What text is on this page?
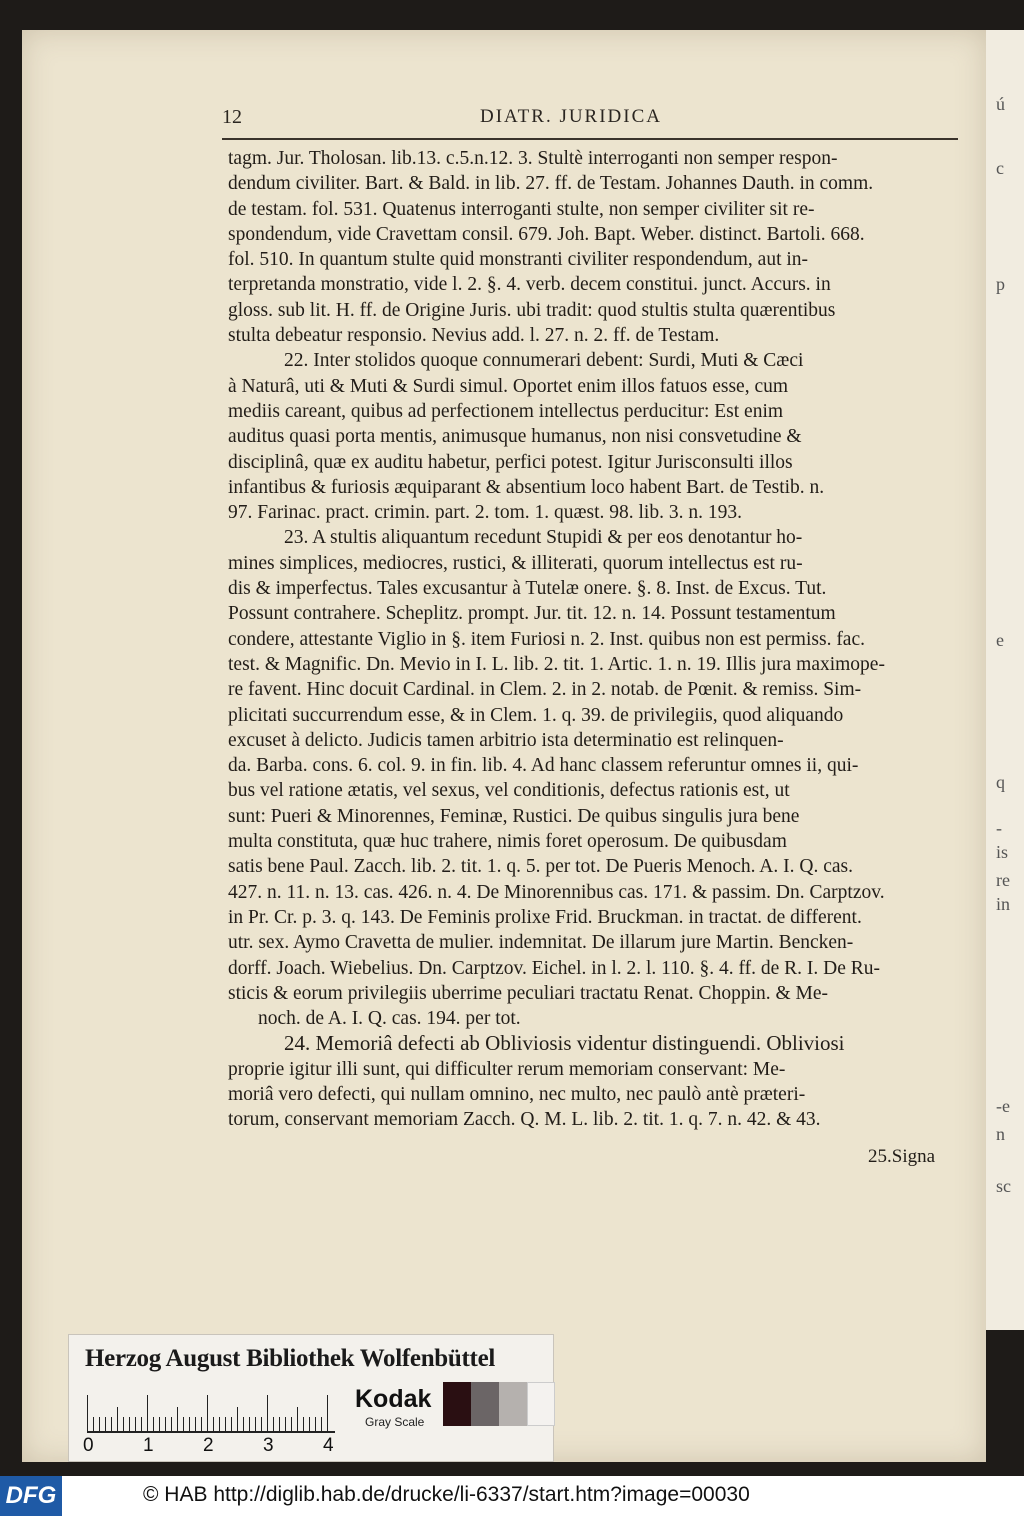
ú
c
p
e
q
-
is
re
in
-e
n
sc
12	DIATR. JURIDICA

tagm. Jur. Tholosan. lib.13. c.5.n.12. 3. Stultè interroganti non semper respon-

dendum civiliter. Bart. & Bald. in lib. 27. ff. de Testam. Johannes Dauth. in comm.

de testam. fol. 531. Quatenus interroganti stulte, non semper civiliter sit re-

spondendum, vide Cravettam consil. 679. Joh. Bapt. Weber. distinct. Bartoli. 668.

fol. 510. In quantum stulte quid monstranti civiliter respondendum, aut in-

terpretanda monstratio, vide l. 2. §. 4. verb. decem constitui. junct. Accurs. in

gloss. sub lit. H. ff. de Origine Juris. ubi tradit: quod stultis stulta quærentibus

stulta debeatur responsio. Nevius add. l. 27. n. 2. ff. de Testam.

22. Inter stolidos quoque connumerari debent: Surdi, Muti & Cæci

à Naturâ, uti & Muti & Surdi simul. Oportet enim illos fatuos esse, cum

mediis careant, quibus ad perfectionem intellectus perducitur: Est enim

auditus quasi porta mentis, animusque humanus, non nisi consvetudine &

disciplinâ, quæ ex auditu habetur, perfici potest. Igitur Jurisconsulti illos

infantibus & furiosis æquiparant & absentium loco habent Bart. de Testib. n.

97. Farinac. pract. crimin. part. 2. tom. 1. quæst. 98. lib. 3. n. 193.

23. A stultis aliquantum recedunt Stupidi & per eos denotantur ho-

mines simplices, mediocres, rustici, & illiterati, quorum intellectus est ru-

dis & imperfectus. Tales excusantur à Tutelæ onere. §. 8. Inst. de Excus. Tut.

Possunt contrahere. Scheplitz. prompt. Jur. tit. 12. n. 14. Possunt testamentum

condere, attestante Viglio in §. item Furiosi n. 2. Inst. quibus non est permiss. fac.

test. & Magnific. Dn. Mevio in I. L. lib. 2. tit. 1. Artic. 1. n. 19. Illis jura maximope-

re favent. Hinc docuit Cardinal. in Clem. 2. in 2. notab. de Pœnit. & remiss. Sim-

plicitati succurrendum esse, & in Clem. 1. q. 39. de privilegiis, quod aliquando

excuset à delicto. Judicis tamen arbitrio ista determinatio est relinquen-

da. Barba. cons. 6. col. 9. in fin. lib. 4. Ad hanc classem referuntur omnes ii, qui-

bus vel ratione ætatis, vel sexus, vel conditionis, defectus rationis est, ut

sunt: Pueri & Minorennes, Feminæ, Rustici. De quibus singulis jura bene

multa constituta, quæ huc trahere, nimis foret operosum. De quibusdam

satis bene Paul. Zacch. lib. 2. tit. 1. q. 5. per tot. De Pueris Menoch. A. I. Q. cas.

427. n. 11. n. 13. cas. 426. n. 4. De Minorennibus cas. 171. & passim. Dn. Carptzov.

in Pr. Cr. p. 3. q. 143. De Feminis prolixe Frid. Bruckman. in tractat. de different.

utr. sex. Aymo Cravetta de mulier. indemnitat. De illarum jure Martin. Bencken-

dorff. Joach. Wiebelius. Dn. Carptzov. Eichel. in l. 2. l. 110. §. 4. ff. de R. I. De Ru-

sticis & eorum privilegiis uberrime peculiari tractatu Renat. Choppin. & Me-

noch. de A. I. Q. cas. 194. per tot.

24. Memoriâ defecti ab Obliviosis videntur distinguendi. Obliviosi

proprie igitur illi sunt, qui difficulter rerum memoriam conservant: Me-

moriâ vero defecti, qui nullam omnino, nec multo, nec paulò antè præteri-

torum, conservant memoriam Zacch. Q. M. L. lib. 2. tit. 1. q. 7. n. 42. & 43.

25.Signa
Herzog August Bibliothek Wolfenbüttel
0	1	2	3	4
Kodak
Gray Scale
DFG	© HAB http://diglib.hab.de/drucke/li-6337/start.htm?image=00030
